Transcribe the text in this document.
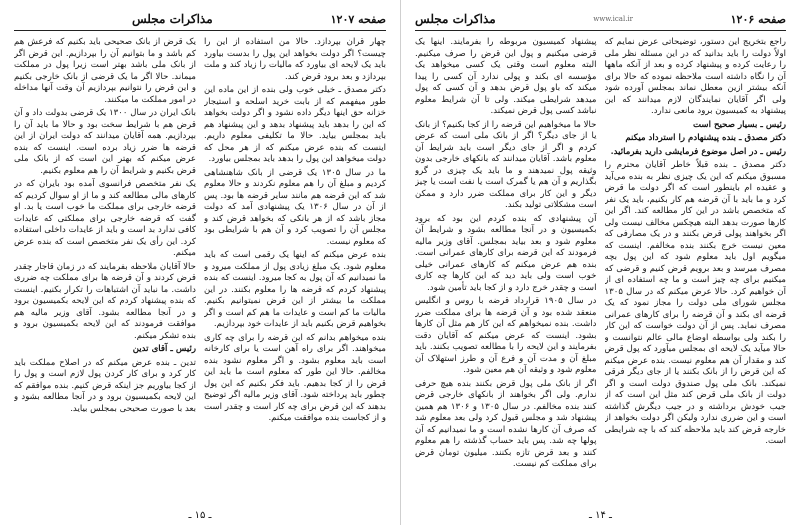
صفحه ۱۲۰۶
www.ical.ir
مذاکرات مجلس

راجع بتخریج این دستور، توضیحاتی عرض نمایم که اولاً دولت را باید بدانید که در این مسئله نظر ملی را رعایت کرده و پیشنهاد کرده و بعد از آنکه ماهها آن را نگاه داشته است ملاحظه نموده که حالا برای آنکه بیشتر ازین معطل نماند بمجلس آورده شود ولی اگر آقایان نمایندگان لازم میدانند که این پیشنهاد به کمیسیون برود مانعی ندارد.

رئیس ـ بسیار صحیح است

دکتر مصدق ـ بنده پیشنهادم را استرداد میکنم

رئیس ـ در اصل موضوع فرمایشی دارید بفرمائید.

دکتر مصدق ـ بنده قبلاً خاطر آقایان محترم را مسبوق میکنم که این یک چیزی نظر به بنده می‌آید و عقیده ام باینطور است که اگر دولت ما قرض کرد و ما باید با آن قرضه هم کار بکنیم، باید یک نفر که متخصص باشد در این کار مطالعه کند. اگر این کارها صورت بدهد البته هیچکس مخالف نیست ولی اگر بخواهند پولی قرض بکنند و در یک مصارفی که معین نیست خرج بکنند بنده مخالفم. اینست که میگویم اول باید معلوم شود که این پول بچه مصرف میرسد و بعد برویم قرض کنیم و قرضی که میکنیم برای چه چیز است و ما چه استفاده ای از آن خواهیم کرد. حالا عرض میکنم که در سال ۱۳۰۵ مجلس شورای ملی دولت را مجاز نمود که یک قرضه ای بکند و آن قرضه را برای کارهای عمرانی مصرف نماید. پس از آن دولت خواست که این کار را بکند ولی بواسطه اوضاع مالی عالم نتوانست و حالا میآید یک لایحه ای بمجلس میآورد که پول قرض کند و مقدار آن هم معلوم نیست. بنده عرض میکنم که این قرض را از بانک بکنند یا از جای دیگر فرقی نمیکند. بانک ملی پول صندوق دولت است و اگر دولت از بانک ملی قرض کند مثل این است که از جیب خودش برداشته و در جیب دیگرش گذاشته است و این ضرری ندارد ولیکن اگر دولت بخواهد از خارجه قرض کند باید ملاحظه کند که با چه شرایطی است.

پیشنهاد کمیسیون مربوطه را بفرمایند. اینها یک قرضی میکنیم و پول این قرض را صرف میکنیم. البته معلوم است وقتی یک کسی میخواهد یک مؤسسه ای بکند و پولی ندارد آن کسی را پیدا میکند که باو پول قرض بدهد و آن کسی که پول میدهد شرایطی میکند. ولی تا آن شرایط معلوم نباشد کسی پول قرض نمیکند.

حالا ما میخواهیم این قرضه را از کجا بکنیم؟ از بانک یا از جای دیگر؟ اگر از بانک ملی است که عرض کردم و اگر از جای دیگر است باید شرایط آن معلوم باشد. آقایان میدانند که بانکهای خارجی بدون وثیقه پول نمیدهند و ما باید یک چیزی در گرو بگذاریم و آن هم یا گمرک است یا نفت است یا چیز دیگر و این کار برای مملکت ضرر دارد و ممکن است مشکلاتی تولید بکند.

آن پیشنهادی که بنده کردم این بود که برود بکمیسیون و در آنجا مطالعه بشود و شرایط آن معلوم شود و بعد بیاید بمجلس. آقای وزیر مالیه فرمودند که این قرضه برای کارهای عمرانی است. بنده هم عرض میکنم که کارهای عمرانی خیلی خوب است ولی باید دید که این کارها چه کاری است و چقدر خرج دارد و از کجا باید تأمین شود.

در سال ۱۹۰۵ قرارداد قرضه با روس و انگلیس منعقد شده بود و آن قرضه ها برای مملکت ضرر داشت. بنده نمیخواهم که این کار هم مثل آن کارها بشود. اینست که عرض میکنم که آقایان دقت بفرمایند و این لایحه را با مطالعه تصویب بکنند. باید مبلغ آن و مدت آن و فرع آن و طرز استهلاک آن معلوم شود و وثیقه آن هم معین شود.

اگر از بانک ملی پول قرض بکنند بنده هیچ حرفی ندارم. ولی اگر بخواهند از بانکهای خارجی قرض کنند بنده مخالفم. در سال ۱۳۰۵ و ۱۳۰۶ هم همین پیشنهاد شد و مجلس قبول کرد ولی بعد معلوم شد که صرف آن کارها نشده است و ما نمیدانیم که آن پولها چه شد. پس باید حساب گذشته را هم معلوم کنند و بعد قرض تازه بکنند. میلیون تومان قرض برای مملکت کم نیست.

ـ ۱۴ ـ
صفحه ۱۲۰۷
مذاکرات مجلس

چهار قران بپردازد. حالا من استفاده از این را چیست؟ اگر دولت بخواهد این پول را بدست بیاورد باید یک لایحه ای بیاورد که مالیات را زیاد کند و ملت بپردازد و بعد برود قرض کند.

دکتر مصدق ـ خیلی خوب ولی بنده از این ماده این طور میفهمم که از بابت خرید اسلحه و استیجار خزانه حق اینها دیگر داده نشود و اگر دولت بخواهد که این را بدهد باید پیشنهاد بدهد و این پیشنهاد هم باید بمجلس بیاید. حالا ما تکلیفی معلوم داریم. اینست که بنده عرض میکنم که از هر محل که دولت میخواهد این پول را بدهد باید بمجلس بیاورد.

ما در سال ۱۳۰۵ یک قرضی از بانک شاهنشاهی کردیم و مبلغ آن را هم معلوم نکردند و حالا معلوم شد که این قرضه هم مانند سایر قرضه ها بود. پس از آن در سال ۱۳۰۶ یک پیشنهادی آمد که دولت مجاز باشد که از هر بانکی که بخواهد قرض کند و مجلس آن را تصویب کرد و آن هم با شرایطی بود که معلوم نیست.

بنده عرض میکنم که اینها یک رقمی است که باید معلوم شود. یک مبلغ زیادی پول از مملکت میرود و ما نمیدانیم که آن پول به کجا میرود. اینست که بنده پیشنهاد کردم که قرضه ها را معلوم بکنند. در این مملکت ما بیشتر از این قرض نمیتوانیم بکنیم. مالیات ما کم است و عایدات ما هم کم است و اگر بخواهیم قرض بکنیم باید از عایدات خود بپردازیم.

بنده میخواهم بدانم که این قرضه را برای چه کاری میخواهند. اگر برای راه آهن است یا برای کارخانه است باید معلوم بشود. و اگر معلوم نشود بنده مخالفم. حالا این طور که معلوم است ما باید این قرض را از کجا بدهیم. باید فکر بکنیم که این پول چطور باید پرداخته شود. آقای وزیر مالیه اگر توضیح بدهند که این قرض برای چه کار است و چقدر است و از کجاست بنده موافقت میکنم.

یک قرض از بانک صحیحی باید بکنیم که فرعش هم کم باشد و ما بتوانیم آن را بپردازیم. این قرض اگر از بانک ملی باشد بهتر است زیرا پول در مملکت میماند. حالا اگر ما یک قرضی از بانک خارجی بکنیم و این قرض را نتوانیم بپردازیم آن وقت آنها مداخله در امور مملکت ما میکنند.

بانک ایران در سال ۱۳۰۰ یک قرضی بدولت داد و آن قرض هم با شرایط سخت بود و حالا ما باید آن را بپردازیم. همه آقایان میدانند که دولت ایران از این قرضه ها ضرر زیاد برده است. اینست که بنده عرض میکنم که بهتر این است که از بانک ملی قرض بکنیم و شرایط آن را هم معلوم بکنیم.

یک نفر متخصص فرانسوی آمده بود بایران که در کارهای مالی مطالعه کند و ما از او سوال کردیم که قرضه خارجی برای مملکت ما خوب است یا بد. او گفت که قرضه خارجی برای مملکتی که عایدات کافی ندارد بد است و باید از عایدات داخلی استفاده کرد. این رأی یک نفر متخصص است که بنده عرض میکنم.

حالا آقایان ملاحظه بفرمایند که در زمان قاجار چقدر قرض کردند و آن قرضه ها برای مملکت چه ضرری داشت. ما نباید آن اشتباهات را تکرار بکنیم. اینست که بنده پیشنهاد کردم که این لایحه بکمیسیون برود و در آنجا مطالعه بشود. آقای وزیر مالیه هم موافقت فرمودند که این لایحه بکمیسیون برود و بنده تشکر میکنم.

رئیس ـ آقای تدین

تدین ـ بنده عرض میکنم که در اصلاح مملکت باید کار کرد و برای کار کردن پول لازم است و پول را از کجا بیاوریم جز اینکه قرض کنیم. بنده موافقم که این لایحه بکمیسیون برود و در آنجا مطالعه بشود و بعد با صورت صحیحی بمجلس بیاید.

ـ ۱۵ ـ
